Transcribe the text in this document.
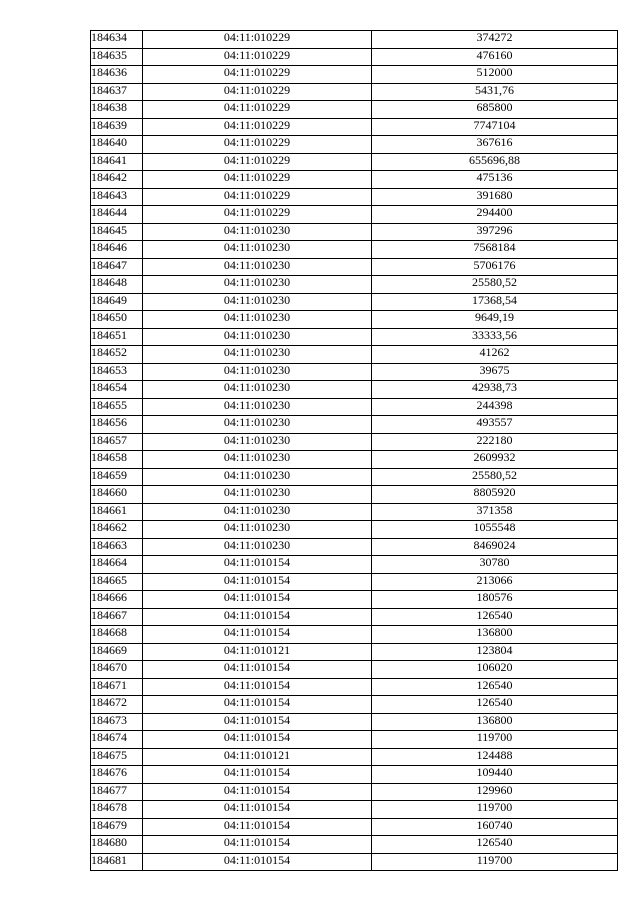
184634	04:11:010229	374272
184635	04:11:010229	476160
184636	04:11:010229	512000
184637	04:11:010229	5431,76
184638	04:11:010229	685800
184639	04:11:010229	7747104
184640	04:11:010229	367616
184641	04:11:010229	655696,88
184642	04:11:010229	475136
184643	04:11:010229	391680
184644	04:11:010229	294400
184645	04:11:010230	397296
184646	04:11:010230	7568184
184647	04:11:010230	5706176
184648	04:11:010230	25580,52
184649	04:11:010230	17368,54
184650	04:11:010230	9649,19
184651	04:11:010230	33333,56
184652	04:11:010230	41262
184653	04:11:010230	39675
184654	04:11:010230	42938,73
184655	04:11:010230	244398
184656	04:11:010230	493557
184657	04:11:010230	222180
184658	04:11:010230	2609932
184659	04:11:010230	25580,52
184660	04:11:010230	8805920
184661	04:11:010230	371358
184662	04:11:010230	1055548
184663	04:11:010230	8469024
184664	04:11:010154	30780
184665	04:11:010154	213066
184666	04:11:010154	180576
184667	04:11:010154	126540
184668	04:11:010154	136800
184669	04:11:010121	123804
184670	04:11:010154	106020
184671	04:11:010154	126540
184672	04:11:010154	126540
184673	04:11:010154	136800
184674	04:11:010154	119700
184675	04:11:010121	124488
184676	04:11:010154	109440
184677	04:11:010154	129960
184678	04:11:010154	119700
184679	04:11:010154	160740
184680	04:11:010154	126540
184681	04:11:010154	119700
